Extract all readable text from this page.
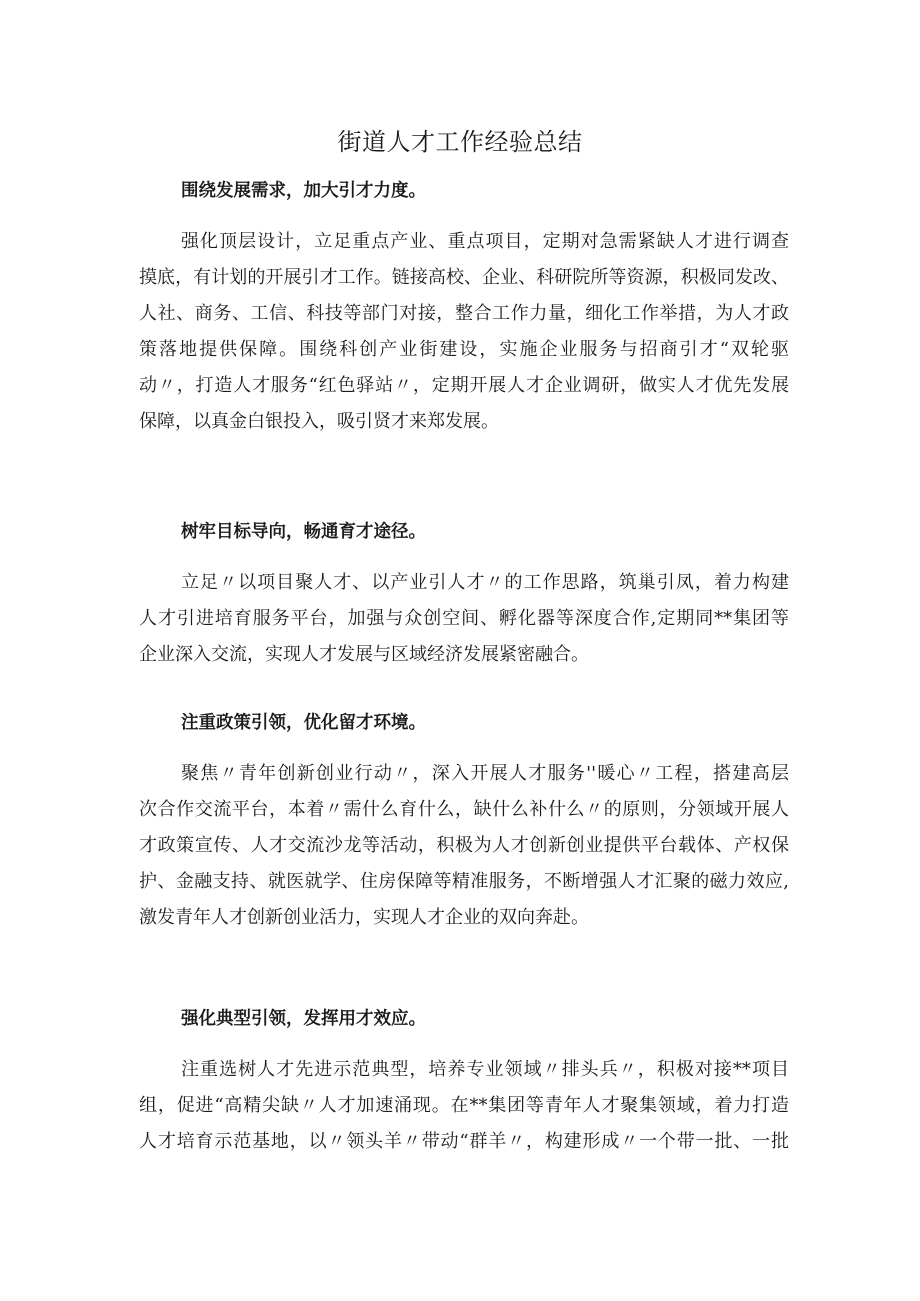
街道人才工作经验总结
围绕发展需求，加大引才力度。
强化顶层设计，立足重点产业、重点项目，定期对急需紧缺人才进行调查
摸底，有计划的开展引才工作。链接高校、企业、科研院所等资源，积极同发改、
人社、商务、工信、科技等部门对接，整合工作力量，细化工作举措，为人才政
策落地提供保障。围绕科创产业街建设，实施企业服务与招商引才“双轮驱
动〃，打造人才服务“红色驿站〃，定期开展人才企业调研，做实人才优先发展
保障，以真金白银投入，吸引贤才来郑发展。
树牢目标导向，畅通育才途径。
立足〃以项目聚人才、以产业引人才〃的工作思路，筑巢引凤，着力构建
人才引进培育服务平台，加强与众创空间、孵化器等深度合作,定期同**集团等
企业深入交流，实现人才发展与区域经济发展紧密融合。
注重政策引领，优化留才环境。
聚焦〃青年创新创业行动〃，深入开展人才服务''暖心〃工程，搭建高层
次合作交流平台，本着〃需什么育什么，缺什么补什么〃的原则，分领域开展人
才政策宣传、人才交流沙龙等活动，积极为人才创新创业提供平台载体、产权保
护、金融支持、就医就学、住房保障等精准服务，不断增强人才汇聚的磁力效应,
激发青年人才创新创业活力，实现人才企业的双向奔赴。
强化典型引领，发挥用才效应。
注重选树人才先进示范典型，培养专业领域〃排头兵〃，积极对接**项目
组，促进“高精尖缺〃人才加速涌现。在**集团等青年人才聚集领域，着力打造
人才培育示范基地，以〃领头羊〃带动“群羊〃，构建形成〃一个带一批、一批
